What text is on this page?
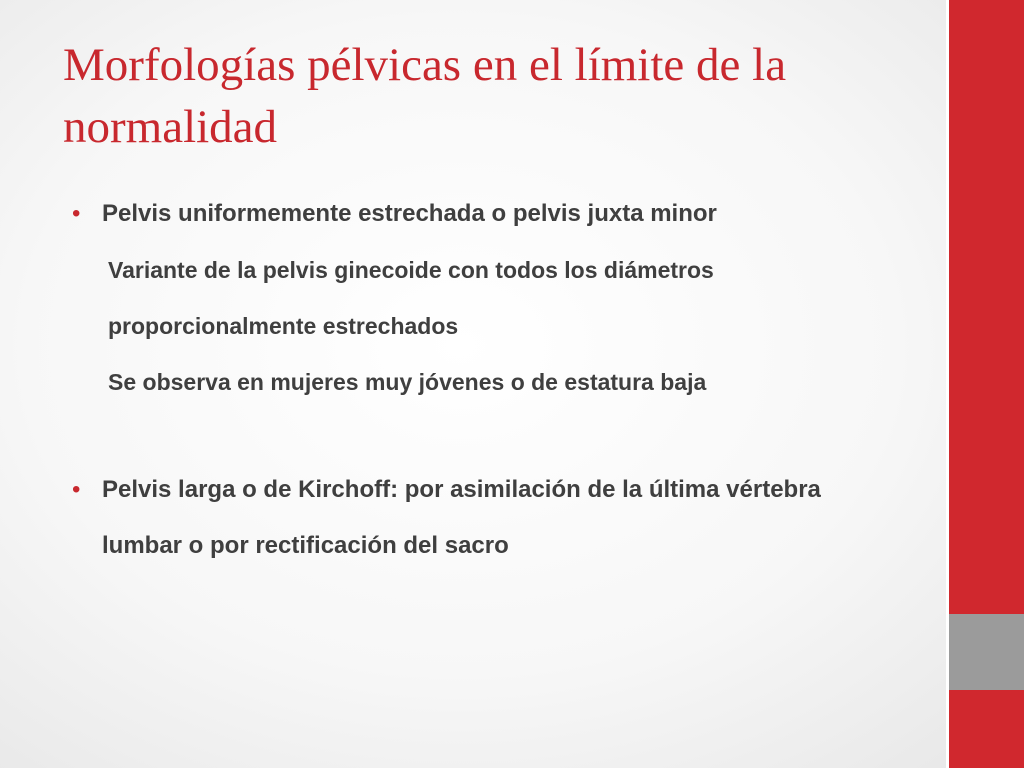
Morfologías pélvicas en el límite de la normalidad
• Pelvis uniformemente estrechada o pelvis juxta minor
Variante de la pelvis ginecoide con todos los diámetros proporcionalmente estrechados
Se observa en mujeres muy jóvenes o de estatura baja
• Pelvis larga o de Kirchoff: por asimilación de la última vértebra lumbar o por rectificación del sacro
